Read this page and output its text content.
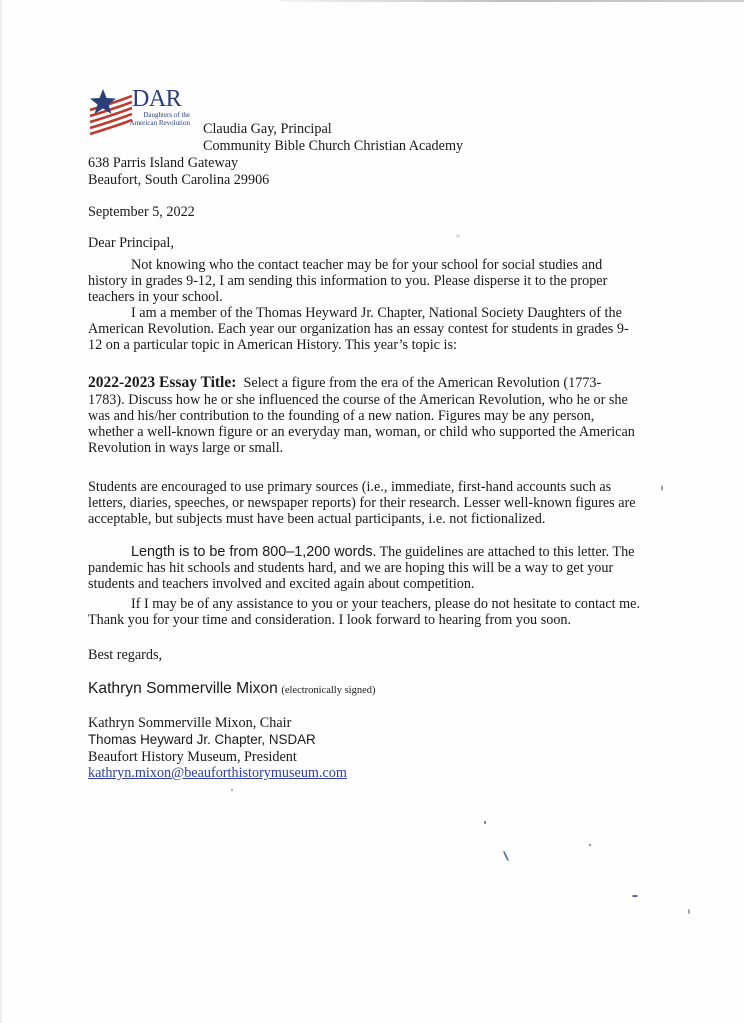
DAR
Daughters of the
American Revolution Claudia Gay, Principal
Community Bible Church Christian Academy
638 Parris Island Gateway
Beaufort, South Carolina 29906
September 5, 2022
Dear Principal,
Not knowing who the contact teacher may be for your school for social studies and
history in grades 9-12, I am sending this information to you. Please disperse it to the proper
teachers in your school.
I am a member of the Thomas Heyward Jr. Chapter, National Society Daughters of the
American Revolution. Each year our organization has an essay contest for students in grades 9-
12 on a particular topic in American History. This year’s topic is:
2022-2023 Essay Title: Select a figure from the era of the American Revolution (1773-
1783). Discuss how he or she influenced the course of the American Revolution, who he or she
was and his/her contribution to the founding of a new nation. Figures may be any person,
whether a well-known figure or an everyday man, woman, or child who supported the American
Revolution in ways large or small.
Students are encouraged to use primary sources (i.e., immediate, first-hand accounts such as
letters, diaries, speeches, or newspaper reports) for their research. Lesser well-known figures are
acceptable, but subjects must have been actual participants, i.e. not fictionalized.
Length is to be from 800–1,200 words. The guidelines are attached to this letter. The
pandemic has hit schools and students hard, and we are hoping this will be a way to get your
students and teachers involved and excited again about competition.
If I may be of any assistance to you or your teachers, please do not hesitate to contact me.
Thank you for your time and consideration. I look forward to hearing from you soon.
Best regards,
Kathryn Sommerville Mixon (electronically signed)
Kathryn Sommerville Mixon, Chair
Thomas Heyward Jr. Chapter, NSDAR
Beaufort History Museum, President
kathryn.mixon@beauforthistorymuseum.com
